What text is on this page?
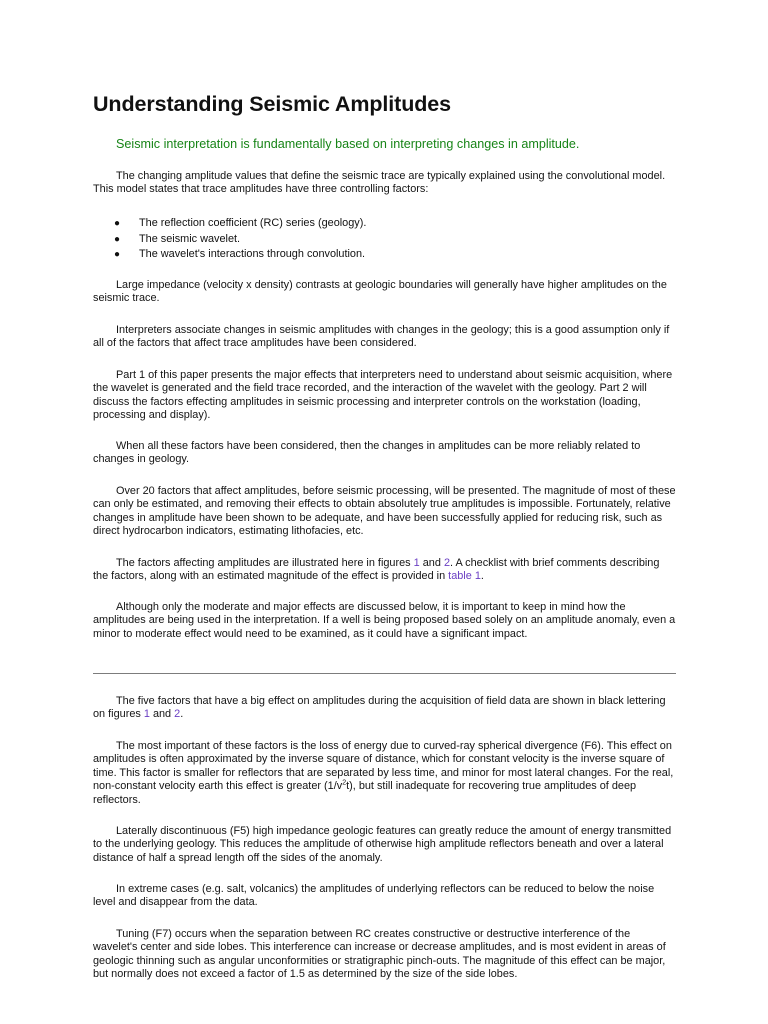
Understanding Seismic Amplitudes

Seismic interpretation is fundamentally based on interpreting changes in amplitude.

The changing amplitude values that define the seismic trace are typically explained using the convolutional model. This model states that trace amplitudes have three controlling factors:

● The reflection coefficient (RC) series (geology).
● The seismic wavelet.
● The wavelet's interactions through convolution.

Large impedance (velocity x density) contrasts at geologic boundaries will generally have higher amplitudes on the seismic trace.

Interpreters associate changes in seismic amplitudes with changes in the geology; this is a good assumption only if all of the factors that affect trace amplitudes have been considered.

Part 1 of this paper presents the major effects that interpreters need to understand about seismic acquisition, where the wavelet is generated and the field trace recorded, and the interaction of the wavelet with the geology. Part 2 will discuss the factors effecting amplitudes in seismic processing and interpreter controls on the workstation (loading, processing and display).

When all these factors have been considered, then the changes in amplitudes can be more reliably related to changes in geology.

Over 20 factors that affect amplitudes, before seismic processing, will be presented. The magnitude of most of these can only be estimated, and removing their effects to obtain absolutely true amplitudes is impossible. Fortunately, relative changes in amplitude have been shown to be adequate, and have been successfully applied for reducing risk, such as direct hydrocarbon indicators, estimating lithofacies, etc.

The factors affecting amplitudes are illustrated here in figures 1 and 2. A checklist with brief comments describing the factors, along with an estimated magnitude of the effect is provided in table 1.

Although only the moderate and major effects are discussed below, it is important to keep in mind how the amplitudes are being used in the interpretation. If a well is being proposed based solely on an amplitude anomaly, even a minor to moderate effect would need to be examined, as it could have a significant impact.

The five factors that have a big effect on amplitudes during the acquisition of field data are shown in black lettering on figures 1 and 2.

The most important of these factors is the loss of energy due to curved-ray spherical divergence (F6). This effect on amplitudes is often approximated by the inverse square of distance, which for constant velocity is the inverse square of time. This factor is smaller for reflectors that are separated by less time, and minor for most lateral changes. For the real, non-constant velocity earth this effect is greater $(1/v^2t)$, but still inadequate for recovering true amplitudes of deep reflectors.

Laterally discontinuous (F5) high impedance geologic features can greatly reduce the amount of energy transmitted to the underlying geology. This reduces the amplitude of otherwise high amplitude reflectors beneath and over a lateral distance of half a spread length off the sides of the anomaly.

In extreme cases (e.g. salt, volcanics) the amplitudes of underlying reflectors can be reduced to below the noise level and disappear from the data.

Tuning (F7) occurs when the separation between RC creates constructive or destructive interference of the wavelet's center and side lobes. This interference can increase or decrease amplitudes, and is most evident in areas of geologic thinning such as angular unconformities or stratigraphic pinch-outs. The magnitude of this effect can be major, but normally does not exceed a factor of 1.5 as determined by the size of the side lobes.
